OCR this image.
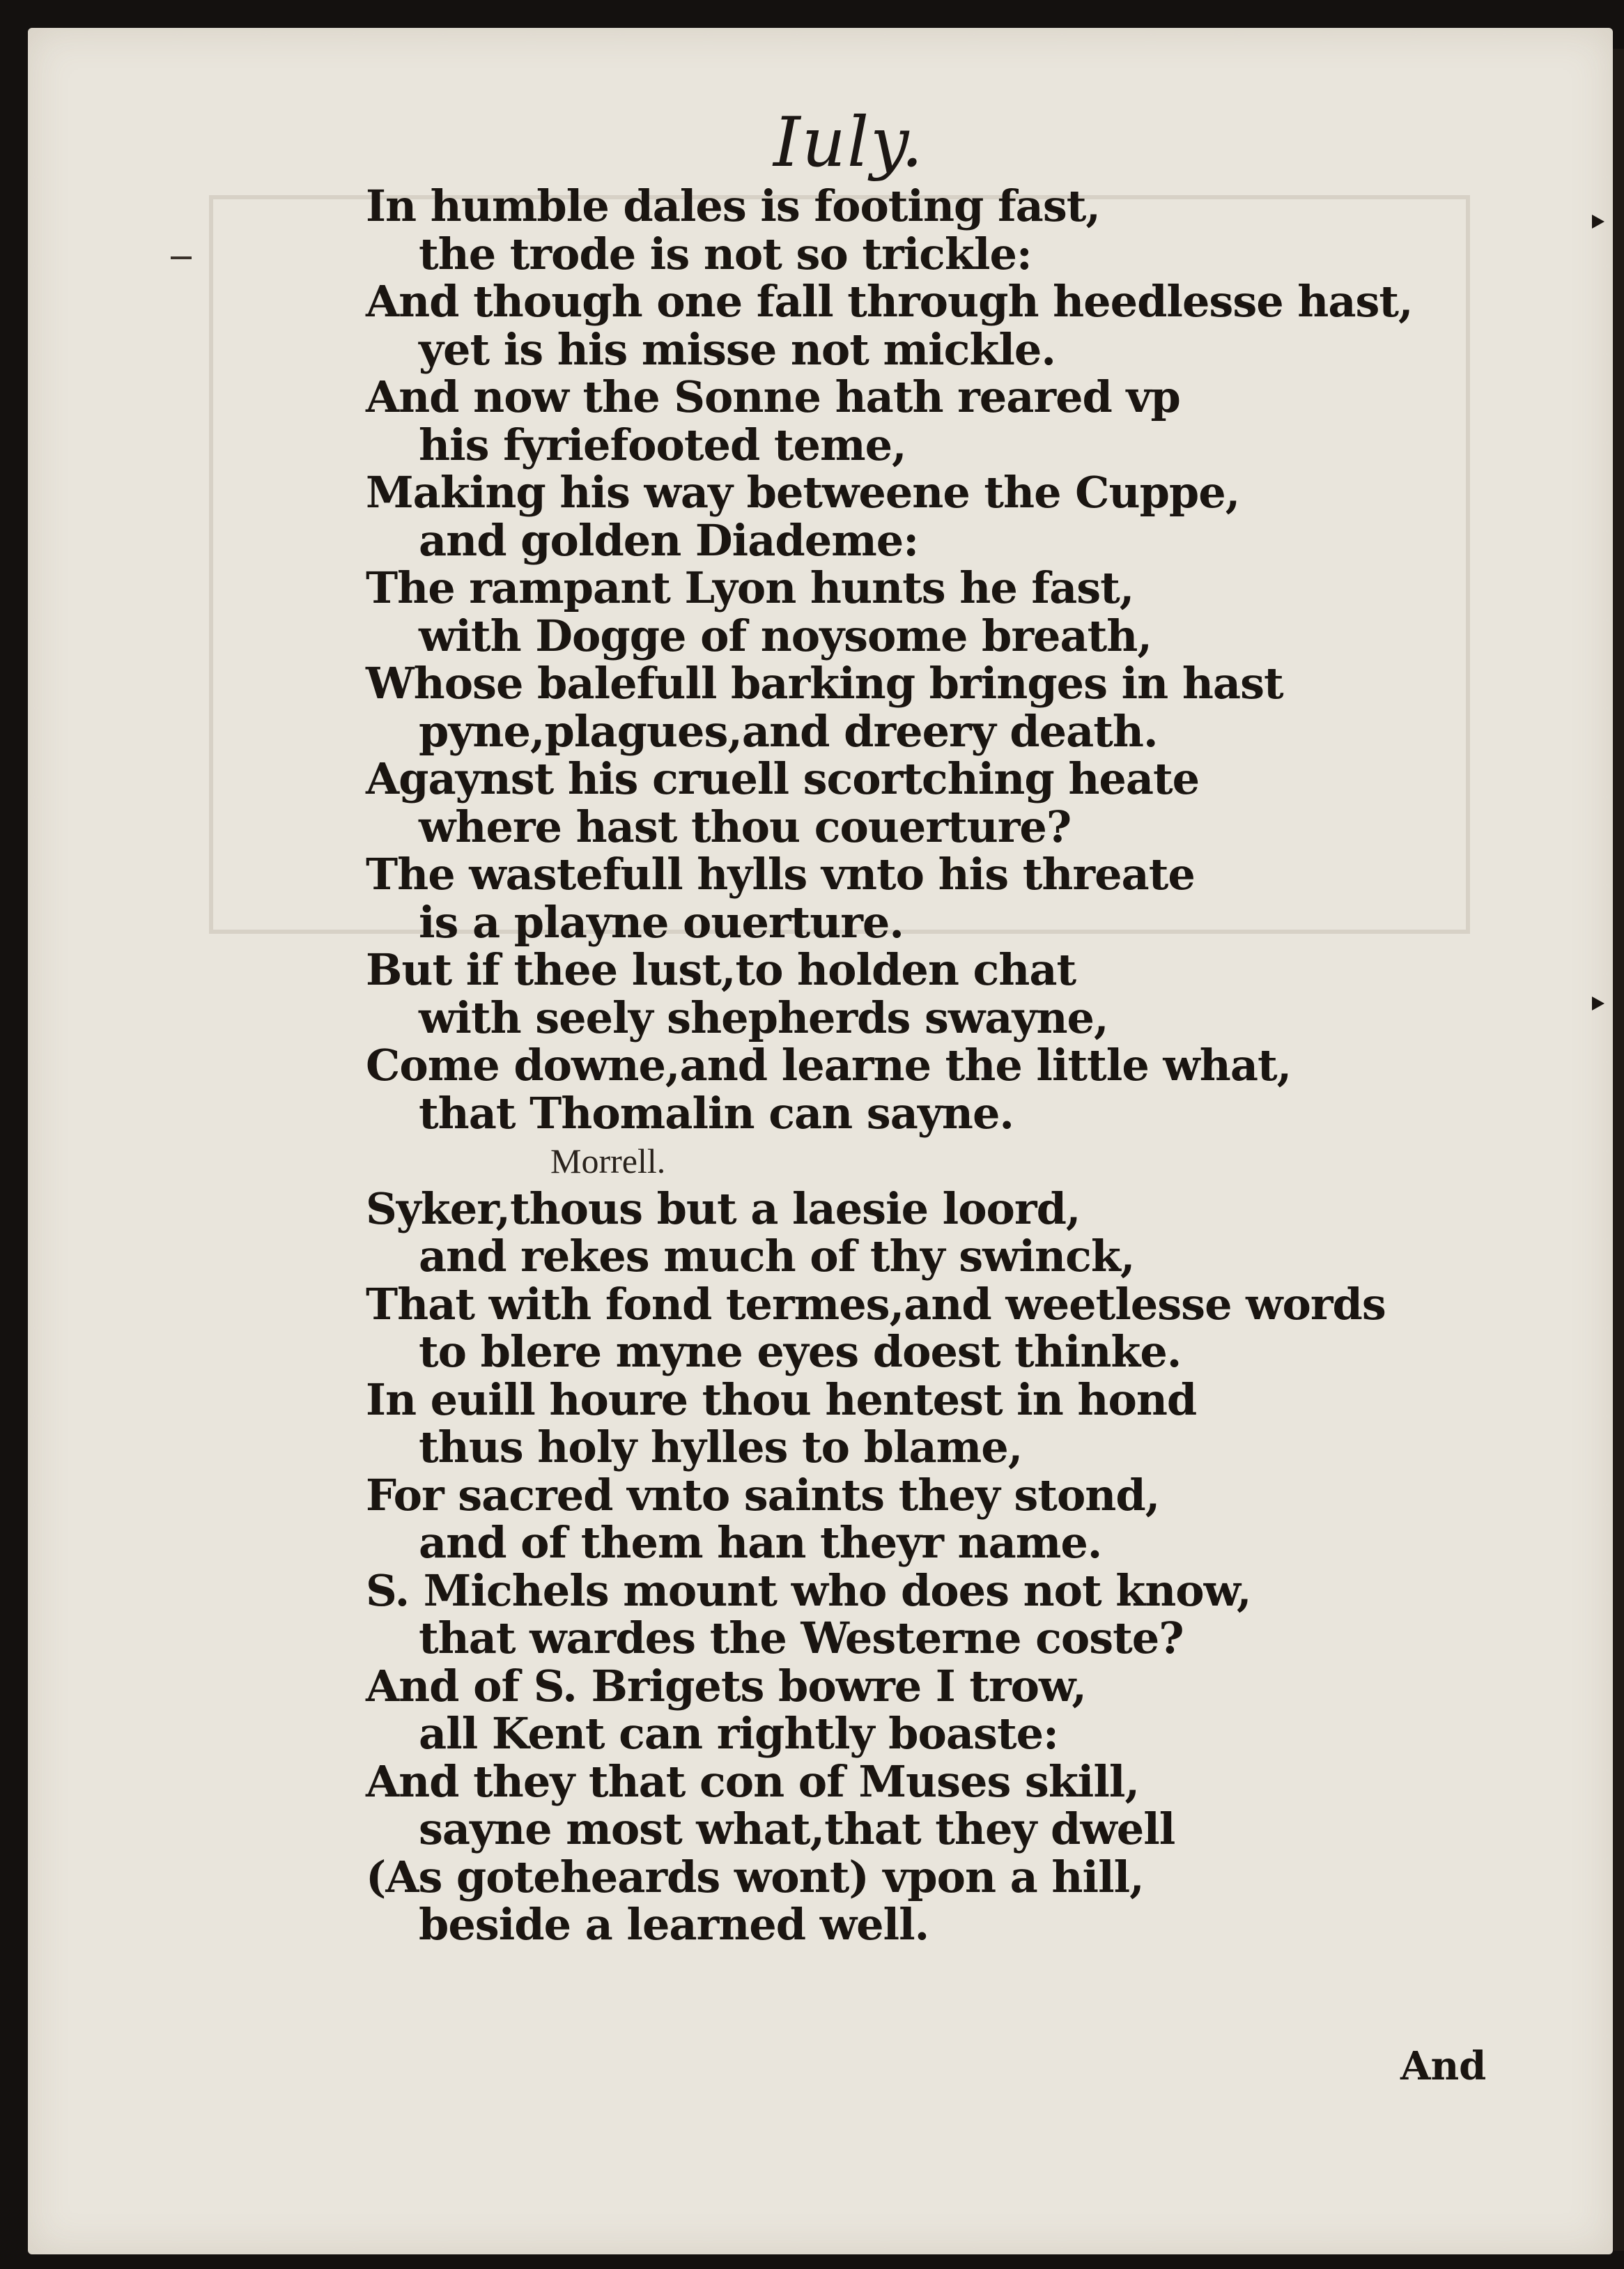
Iuly.
In humble dales is footing fast,
the trode is not so trickle:
And though one fall through heedlesse hast,
yet is his misse not mickle.
And now the Sonne hath reared vp
his fyriefooted teme,
Making his way betweene the Cuppe,
and golden Diademe:
The rampant Lyon hunts he fast,
with Dogge of noysome breath,
Whose balefull barking bringes in hast
pyne,plagues,and dreery death.
Agaynst his cruell scortching heate
where hast thou couerture?
The wastefull hylls vnto his threate
is a playne ouerture.
But if thee lust,to holden chat
with seely shepherds swayne,
Come downe,and learne the little what,
that Thomalin can sayne.
Morrell.
Syker,thous but a laesie loord,
and rekes much of thy swinck,
That with fond termes,and weetlesse words
to blere myne eyes doest thinke.
In euill houre thou hentest in hond
thus holy hylles to blame,
For sacred vnto saints they stond,
and of them han theyr name.
S. Michels mount who does not know,
that wardes the Westerne coste?
And of S. Brigets bowre I trow,
all Kent can rightly boaste:
And they that con of Muses skill,
sayne most what,that they dwell
(As goteheards wont) vpon a hill,
beside a learned well.
And
